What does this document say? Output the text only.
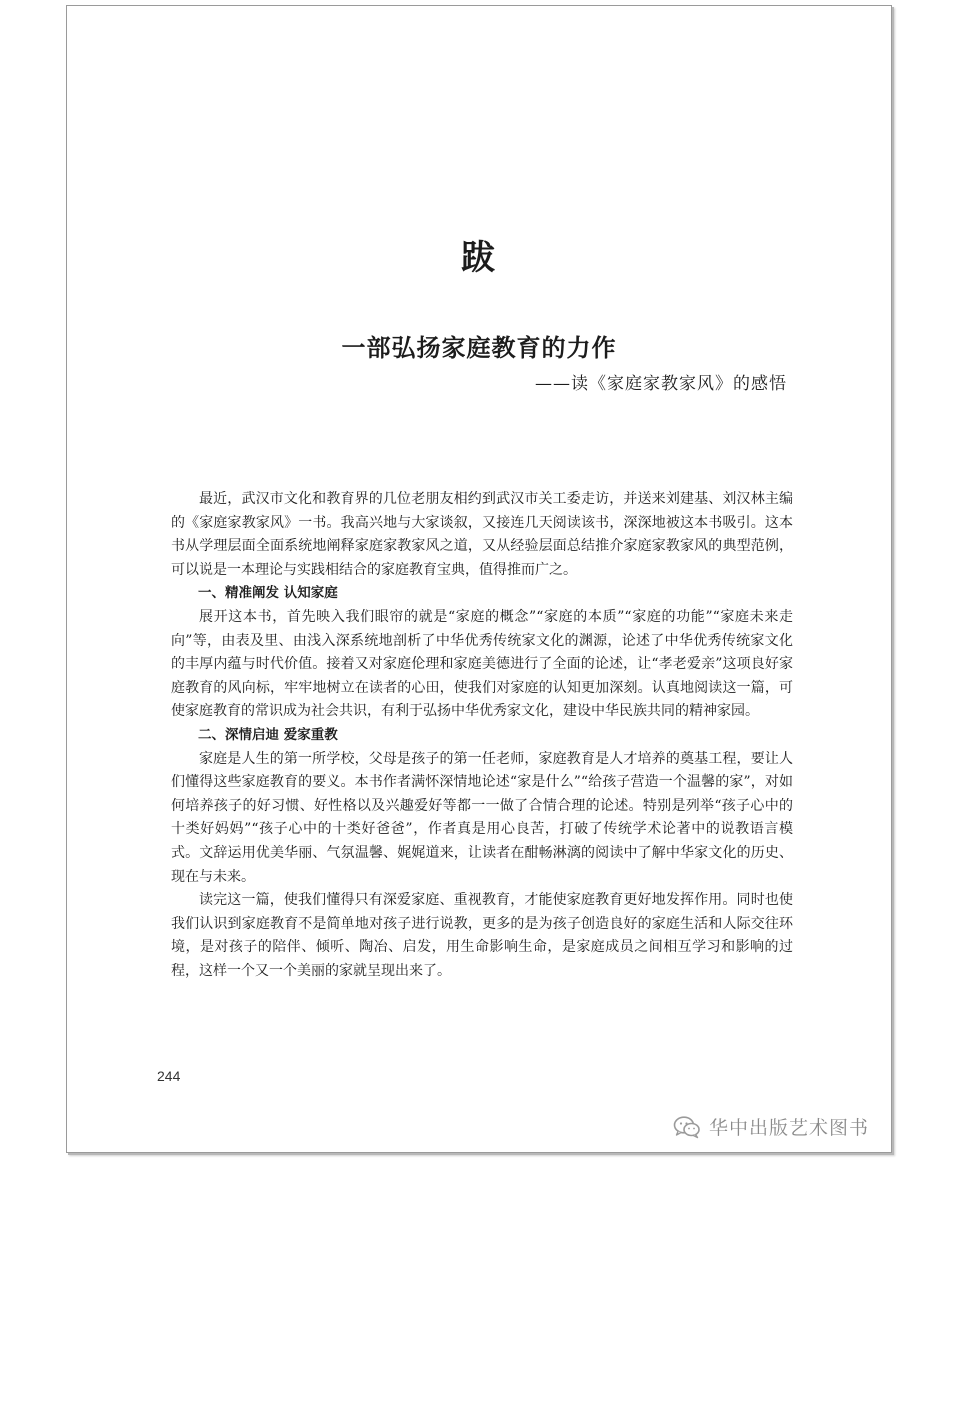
跋
一部弘扬家庭教育的力作
——读《家庭家教家风》的感悟

最近，武汉市文化和教育界的几位老朋友相约到武汉市关工委走访，并送来刘建基、刘汉林主编的《家庭家教家风》一书。我高兴地与大家谈叙，又接连几天阅读该书，深深地被这本书吸引。这本书从学理层面全面系统地阐释家庭家教家风之道，又从经验层面总结推介家庭家教家风的典型范例，可以说是一本理论与实践相结合的家庭教育宝典，值得推而广之。

一、精准阐发 认知家庭

展开这本书，首先映入我们眼帘的就是“家庭的概念”“家庭的本质”“家庭的功能”“家庭未来走向”等，由表及里、由浅入深系统地剖析了中华优秀传统家文化的渊源，论述了中华优秀传统家文化的丰厚内蕴与时代价值。接着又对家庭伦理和家庭美德进行了全面的论述，让“孝老爱亲”这项良好家庭教育的风向标，牢牢地树立在读者的心田，使我们对家庭的认知更加深刻。认真地阅读这一篇，可使家庭教育的常识成为社会共识，有利于弘扬中华优秀家文化，建设中华民族共同的精神家园。

二、深情启迪 爱家重教

家庭是人生的第一所学校，父母是孩子的第一任老师，家庭教育是人才培养的奠基工程，要让人们懂得这些家庭教育的要义。本书作者满怀深情地论述“家是什么”“给孩子营造一个温馨的家”，对如何培养孩子的好习惯、好性格以及兴趣爱好等都一一做了合情合理的论述。特别是列举“孩子心中的十类好妈妈”“孩子心中的十类好爸爸”，作者真是用心良苦，打破了传统学术论著中的说教语言模式。文辞运用优美华丽、气氛温馨、娓娓道来，让读者在酣畅淋漓的阅读中了解中华家文化的历史、现在与未来。

读完这一篇，使我们懂得只有深爱家庭、重视教育，才能使家庭教育更好地发挥作用。同时也使我们认识到家庭教育不是简单地对孩子进行说教，更多的是为孩子创造良好的家庭生活和人际交往环境，是对孩子的陪伴、倾听、陶冶、启发，用生命影响生命，是家庭成员之间相互学习和影响的过程，这样一个又一个美丽的家就呈现出来了。

244
华中出版艺术图书
